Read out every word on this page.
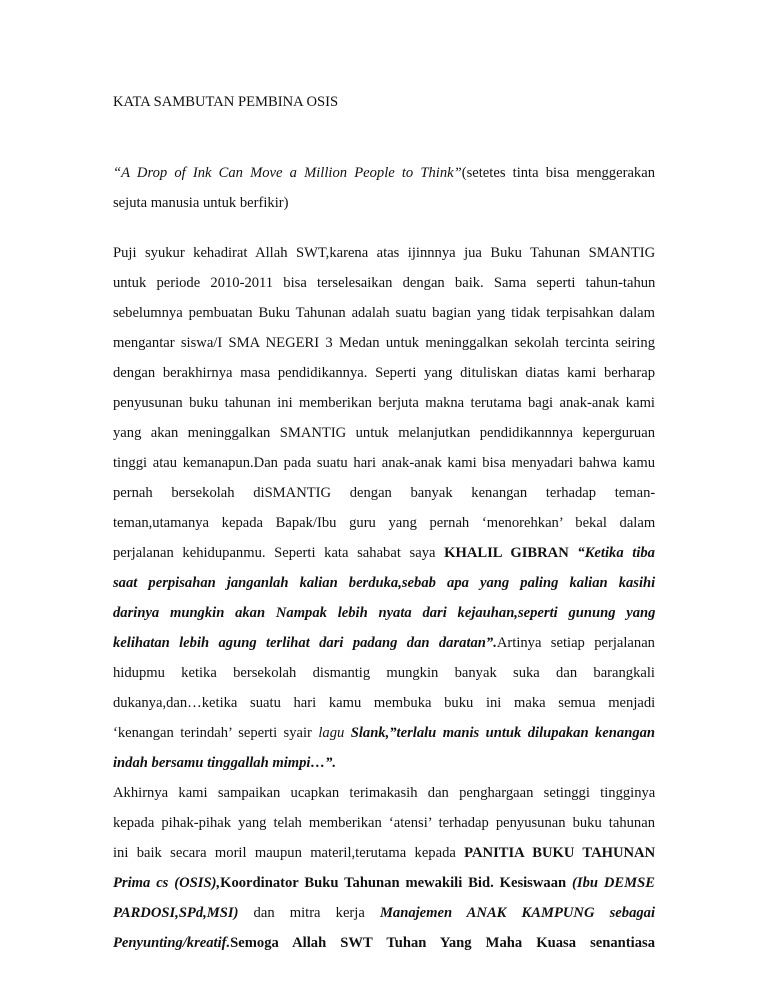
KATA SAMBUTAN PEMBINA OSIS
“A Drop of Ink Can Move a Million People to Think”(setetes tinta bisa menggerakan
sejuta manusia untuk berfikir)
Puji syukur kehadirat Allah SWT,karena atas ijinnnya jua Buku Tahunan SMANTIG
untuk periode 2010-2011 bisa terselesaikan dengan baik. Sama seperti tahun-tahun
sebelumnya pembuatan Buku Tahunan adalah suatu bagian yang tidak terpisahkan dalam
mengantar siswa/I SMA NEGERI 3 Medan untuk meninggalkan sekolah tercinta seiring
dengan berakhirnya masa pendidikannya. Seperti yang dituliskan diatas kami berharap
penyusunan buku tahunan ini memberikan berjuta makna terutama bagi anak-anak kami
yang akan meninggalkan SMANTIG untuk melanjutkan pendidikannnya keperguruan
tinggi atau kemanapun.Dan pada suatu hari anak-anak kami bisa menyadari bahwa kamu
pernah bersekolah diSMANTIG dengan banyak kenangan terhadap teman-
teman,utamanya kepada Bapak/Ibu guru yang pernah ‘menorehkan’ bekal dalam
perjalanan kehidupanmu. Seperti kata sahabat saya KHALIL GIBRAN “Ketika tiba
saat perpisahan janganlah kalian berduka,sebab apa yang paling kalian kasihi
darinya mungkin akan Nampak lebih nyata dari kejauhan,seperti gunung yang
kelihatan lebih agung terlihat dari padang dan daratan”.Artinya setiap perjalanan
hidupmu ketika bersekolah dismantig mungkin banyak suka dan barangkali
dukanya,dan…ketika suatu hari kamu membuka buku ini maka semua menjadi
‘kenangan terindah’ seperti syair lagu Slank,”terlalu manis untuk dilupakan kenangan
indah bersamu tinggallah mimpi…”.
Akhirnya kami sampaikan ucapkan terimakasih dan penghargaan setinggi tingginya
kepada pihak-pihak yang telah memberikan ‘atensi’ terhadap penyusunan buku tahunan
ini baik secara moril maupun materil,terutama kepada PANITIA BUKU TAHUNAN
Prima cs (OSIS),Koordinator Buku Tahunan mewakili Bid. Kesiswaan (Ibu DEMSE
PARDOSI,SPd,MSI) dan mitra kerja Manajemen ANAK KAMPUNG sebagai
Penyunting/kreatif.Semoga Allah SWT Tuhan Yang Maha Kuasa senantiasa
